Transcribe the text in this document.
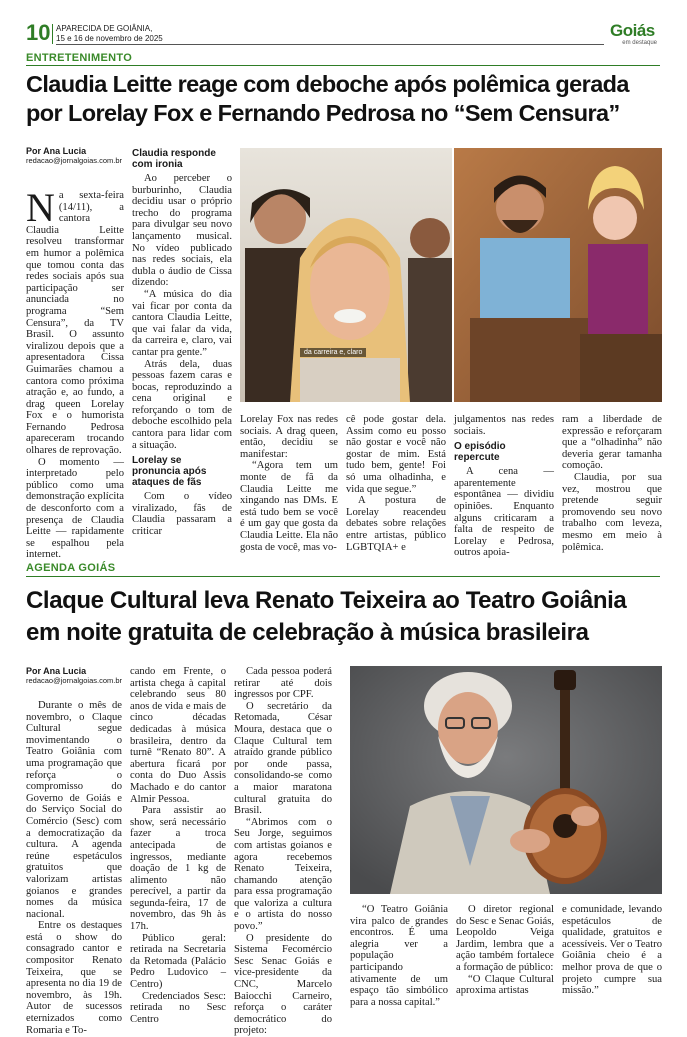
10 APARECIDA DE GOIÂNIA,
15 e 16 de novembro de 2025	Goiás
em destaque
ENTRETENIMENTO
Claudia Leitte reage com deboche após polêmica gerada
por Lorelay Fox e Fernando Pedrosa no “Sem Censura”
Por Ana Lucia
redacao@jornalgoias.com.br

Na sexta-feira (14/11), a cantora Claudia Leitte resolveu transformar em humor a polêmica que tomou conta das redes sociais após sua participação ser anunciada no programa “Sem Censura”, da TV Brasil. O assunto viralizou depois que a apresentadora Cissa Guimarães chamou a cantora como próxima atração e, ao fundo, a drag queen Lorelay Fox e o humorista Fernando Pedrosa apareceram trocando olhares de reprovação.

O momento — interpretado pelo público como uma demonstração explícita de desconforto com a presença de Claudia Leitte — rapidamente se espalhou pela internet.

Claudia responde com ironia

Ao perceber o burburinho, Claudia decidiu usar o próprio trecho do programa para divulgar seu novo lançamento musical. No vídeo publicado nas redes sociais, ela dubla o áudio de Cissa dizendo:

“A música do dia vai ficar por conta da cantora Claudia Leitte, que vai falar da vida, da carreira e, claro, vai cantar pra gente.”

Atrás dela, duas pessoas fazem caras e bocas, reproduzindo a cena original e reforçando o tom de deboche escolhido pela cantora para lidar com a situação.

Lorelay se pronuncia após ataques de fãs

Com o vídeo viralizado, fãs de Claudia passaram a criticar

da carreira e, claro

Lorelay Fox nas redes sociais. A drag queen, então, decidiu se manifestar:

“Agora tem um monte de fã da Claudia Leitte me xingando nas DMs. E está tudo bem se você é um gay que gosta da Claudia Leitte. Ela não gosta de você, mas vo-

cê pode gostar dela. Assim como eu posso não gostar e você não gostar de mim. Está tudo bem, gente! Foi só uma olhadinha, e vida que segue.”

A postura de Lorelay reacendeu debates sobre relações entre artistas, público LGBTQIA+ e

julgamentos nas redes sociais.

O episódio repercute

A cena — aparentemente espontânea — dividiu opiniões. Enquanto alguns criticaram a falta de respeito de Lorelay e Pedrosa, outros apoia-

ram a liberdade de expressão e reforçaram que a “olhadinha” não deveria gerar tamanha comoção.

Claudia, por sua vez, mostrou que pretende seguir promovendo seu novo trabalho com leveza, mesmo em meio à polêmica.

AGENDA GOIÁS
Claque Cultural leva Renato Teixeira ao Teatro Goiânia
em noite gratuita de celebração à música brasileira
Por Ana Lucia
redacao@jornalgoias.com.br

Durante o mês de novembro, o Claque Cultural segue movimentando o Teatro Goiânia com uma programação que reforça o compromisso do Governo de Goiás e do Serviço Social do Comércio (Sesc) com a democratização da cultura. A agenda reúne espetáculos gratuitos que valorizam artistas goianos e grandes nomes da música nacional.

Entre os destaques está o show do consagrado cantor e compositor Renato Teixeira, que se apresenta no dia 19 de novembro, às 19h. Autor de sucessos eternizados como Romaria e To-

cando em Frente, o artista chega à capital celebrando seus 80 anos de vida e mais de cinco décadas dedicadas à música brasileira, dentro da turnê “Renato 80”. A abertura ficará por conta do Duo Assis Machado e do cantor Almir Pessoa.

Para assistir ao show, será necessário fazer a troca antecipada de ingressos, mediante doação de 1 kg de alimento não perecível, a partir da segunda-feira, 17 de novembro, das 9h às 17h.

Público geral: retirada na Secretaria da Retomada (Palácio Pedro Ludovico – Centro)

Credenciados Sesc: retirada no Sesc Centro

Cada pessoa poderá retirar até dois ingressos por CPF.

O secretário da Retomada, César Moura, destaca que o Claque Cultural tem atraído grande público por onde passa, consolidando-se como a maior maratona cultural gratuita do Brasil.

“Abrimos com o Seu Jorge, seguimos com artistas goianos e agora recebemos Renato Teixeira, chamando atenção para essa programação que valoriza a cultura e o artista do nosso povo.”

O presidente do Sistema Fecomércio Sesc Senac Goiás e vice-presidente da CNC, Marcelo Baiocchi Carneiro, reforça o caráter democrático do projeto:

“O Teatro Goiânia vira palco de grandes encontros. É uma alegria ver a população participando ativamente de um espaço tão simbólico para a nossa capital.”

O diretor regional do Sesc e Senac Goiás, Leopoldo Veiga Jardim, lembra que a ação também fortalece a formação de público:

“O Claque Cultural aproxima artistas

e comunidade, levando espetáculos de qualidade, gratuitos e acessíveis. Ver o Teatro Goiânia cheio é a melhor prova de que o projeto cumpre sua missão.”
